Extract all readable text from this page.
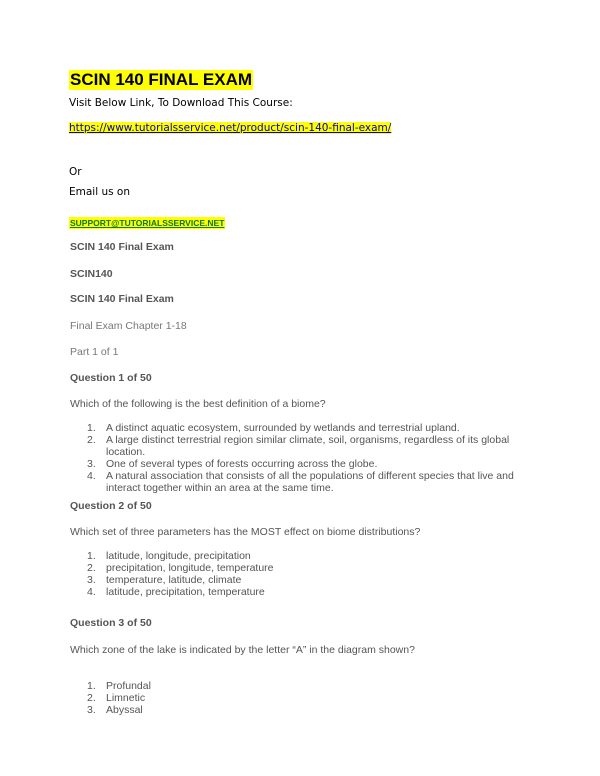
SCIN 140 FINAL EXAM
Visit Below Link, To Download This Course:
https://www.tutorialsservice.net/product/scin-140-final-exam/
Or
Email us on
SUPPORT@TUTORIALSSERVICE.NET
SCIN 140 Final Exam
SCIN140
SCIN 140 Final Exam
Final Exam Chapter 1-18
Part 1 of 1
Question 1 of 50
Which of the following is the best definition of a biome?
1. A distinct aquatic ecosystem, surrounded by wetlands and terrestrial upland.
2. A large distinct terrestrial region similar climate, soil, organisms, regardless of its global location.
3. One of several types of forests occurring across the globe.
4. A natural association that consists of all the populations of different species that live and interact together within an area at the same time.
Question 2 of 50
Which set of three parameters has the MOST effect on biome distributions?
1. latitude, longitude, precipitation
2. precipitation, longitude, temperature
3. temperature, latitude, climate
4. latitude, precipitation, temperature
Question 3 of 50
Which zone of the lake is indicated by the letter “A” in the diagram shown?
1. Profundal
2. Limnetic
3. Abyssal
